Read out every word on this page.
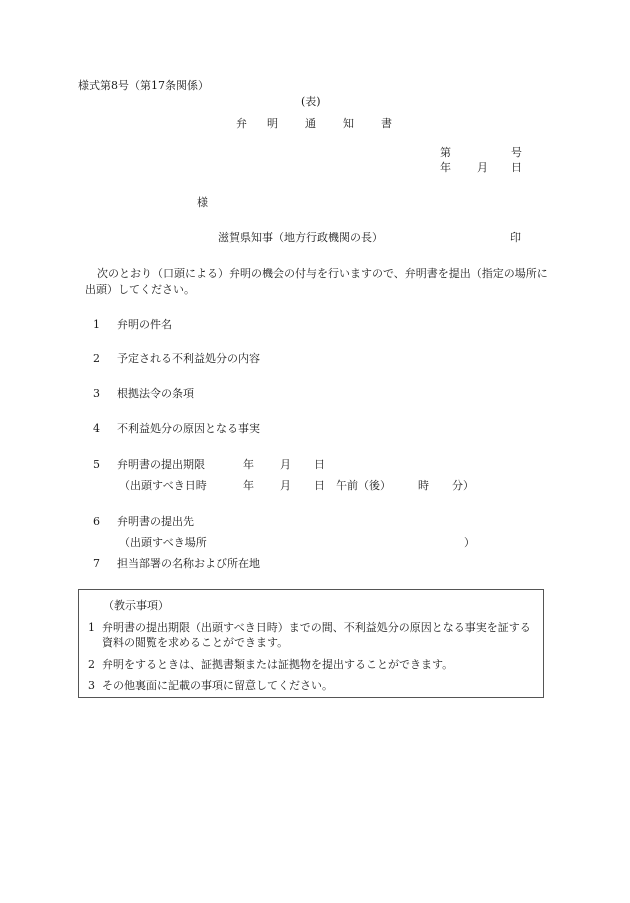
様式第8号（第17条関係）
(表)
弁 明 通 知 書
第	号
年 月 日
様
滋賀県知事（地方行政機関の長）	印
次のとおり（口頭による）弁明の機会の付与を行いますので、弁明書を提出（指定の場所に出頭）してください。
1 弁明の件名
2 予定される不利益処分の内容
3 根拠法令の条項
4 不利益処分の原因となる事実
5 弁明書の提出期限	年 月 日
（出頭すべき日時	年 月 日 午前（後） 時 分）
6 弁明書の提出先
（出頭すべき場所	）
7 担当部署の名称および所在地
（教示事項）
1 弁明書の提出期限（出頭すべき日時）までの間、不利益処分の原因となる事実を証する資料の閲覧を求めることができます。
2 弁明をするときは、証拠書類または証拠物を提出することができます。
3 その他裏面に記載の事項に留意してください。
